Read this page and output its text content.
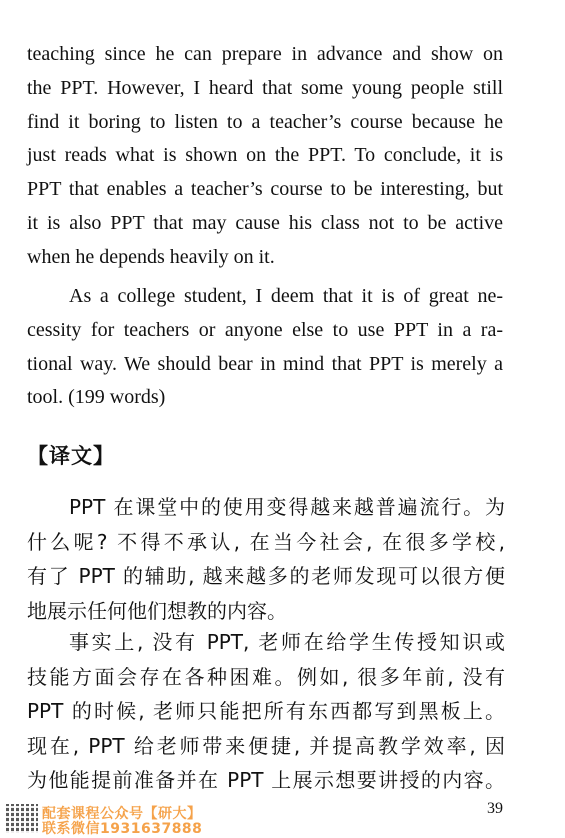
teaching since he can prepare in advance and show on
the PPT. However, I heard that some young people still
find it boring to listen to a teacher’s course because he
just reads what is shown on the PPT. To conclude, it is
PPT that enables a teacher’s course to be interesting, but
it is also PPT that may cause his class not to be active
when he depends heavily on it.
As a college student, I deem that it is of great ne-
cessity for teachers or anyone else to use PPT in a ra-
tional way. We should bear in mind that PPT is merely a
tool. (199 words)
【译文】
PPT 在课堂中的使用变得越来越普遍流行。为
什么呢? 不得不承认, 在当今社会, 在很多学校,
有了 PPT 的辅助, 越来越多的老师发现可以很方便
地展示任何他们想教的内容。
事实上, 没有 PPT, 老师在给学生传授知识或
技能方面会存在各种困难。例如, 很多年前, 没有
PPT 的时候, 老师只能把所有东西都写到黑板上。
现在, PPT 给老师带来便捷, 并提高教学效率, 因
为他能提前准备并在 PPT 上展示想要讲授的内容。
配套课程公众号【研大】
联系微信1931637888
39
